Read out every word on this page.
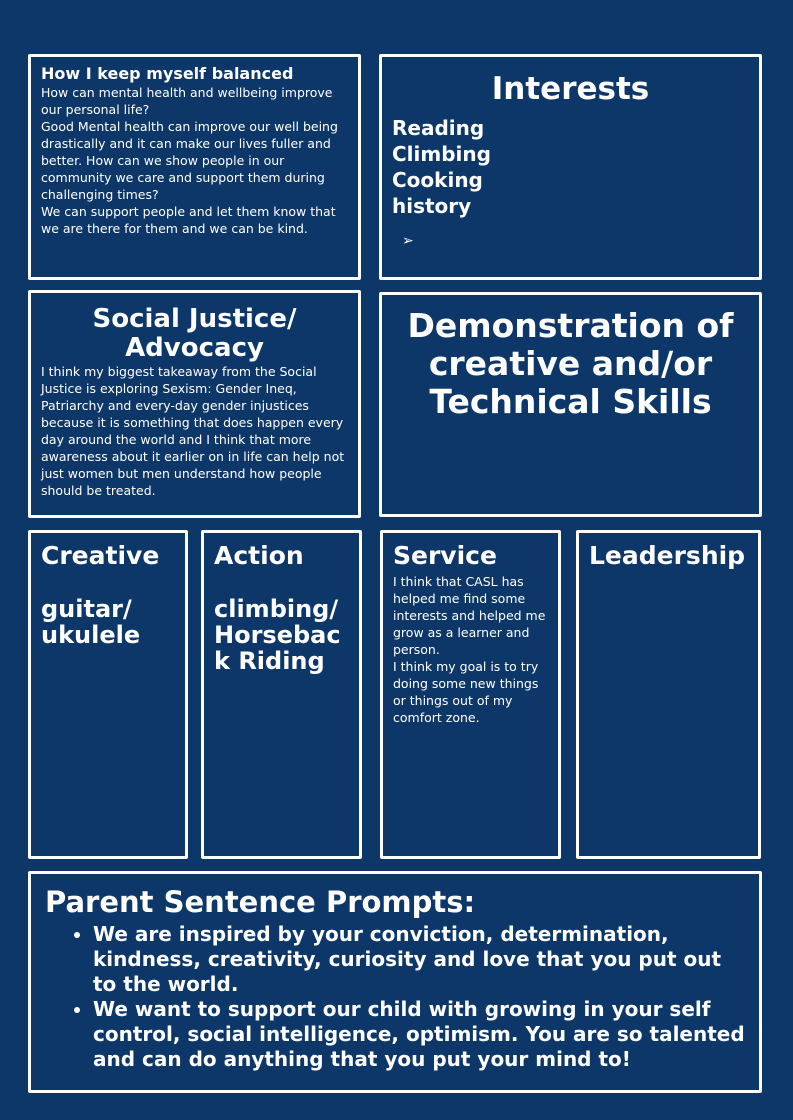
How I keep myself balanced

How can mental health and wellbeing improve our personal life?

Good Mental health can improve our well being drastically and it can make our lives fuller and better. How can we show people in our community we care and support them during challenging times?

We can support people and let them know that we are there for them and we can be kind.

Interests
Reading
Climbing
Cooking
history
➢
Social Justice/ Advocacy
I think my biggest takeaway from the Social Justice is exploring Sexism: Gender Ineq, Patriarchy and every-day gender injustices because it is something that does happen every day around the world and I think that more awareness about it earlier on in life can help not just women but men understand how people should be treated.
Demonstration of creative and/or Technical Skills
Creative
guitar/ ukulele
Action
climbing/ Horsebac k Riding
Service

I think that CASL has helped me find some interests and helped me grow as a learner and person.

I think my goal is to try doing some new things or things out of my comfort zone.

Leadership
Parent Sentence Prompts:
• We are inspired by your conviction, determination, kindness, creativity, curiosity and love that you put out to the world.
• We want to support our child with growing in your self control, social intelligence, optimism. You are so talented and can do anything that you put your mind to!
